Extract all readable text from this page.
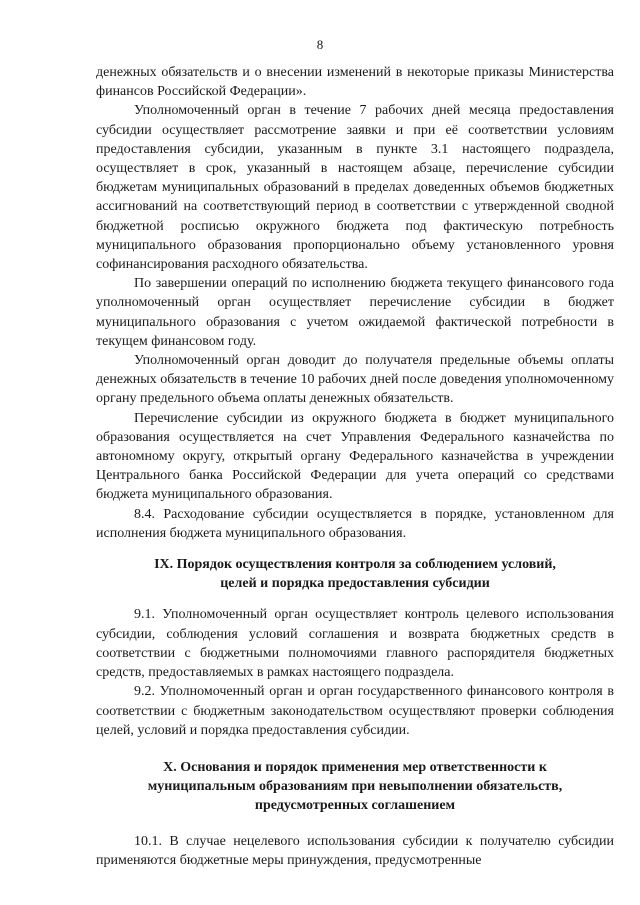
8

денежных обязательств и о внесении изменений в некоторые приказы Министерства финансов Российской Федерации».

Уполномоченный орган в течение 7 рабочих дней месяца предоставления субсидии осуществляет рассмотрение заявки и при её соответствии условиям предоставления субсидии, указанным в пункте 3.1 настоящего подраздела, осуществляет в срок, указанный в настоящем абзаце, перечисление субсидии бюджетам муниципальных образований в пределах доведенных объемов бюджетных ассигнований на соответствующий период в соответствии с утвержденной сводной бюджетной росписью окружного бюджета под фактическую потребность муниципального образования пропорционально объему установленного уровня софинансирования расходного обязательства.

По завершении операций по исполнению бюджета текущего финансового года уполномоченный орган осуществляет перечисление субсидии в бюджет муниципального образования с учетом ожидаемой фактической потребности в текущем финансовом году.

Уполномоченный орган доводит до получателя предельные объемы оплаты денежных обязательств в течение 10 рабочих дней после доведения уполномоченному органу предельного объема оплаты денежных обязательств.

Перечисление субсидии из окружного бюджета в бюджет муниципального образования осуществляется на счет Управления Федерального казначейства по автономному округу, открытый органу Федерального казначейства в учреждении Центрального банка Российской Федерации для учета операций со средствами бюджета муниципального образования.

8.4. Расходование субсидии осуществляется в порядке, установленном для исполнения бюджета муниципального образования.

IX. Порядок осуществления контроля за соблюдением условий,
целей и порядка предоставления субсидии

9.1. Уполномоченный орган осуществляет контроль целевого использования субсидии, соблюдения условий соглашения и возврата бюджетных средств в соответствии с бюджетными полномочиями главного распорядителя бюджетных средств, предоставляемых в рамках настоящего подраздела.

9.2. Уполномоченный орган и орган государственного финансового контроля в соответствии с бюджетным законодательством осуществляют проверки соблюдения целей, условий и порядка предоставления субсидии.

X. Основания и порядок применения мер ответственности к
муниципальным образованиям при невыполнении обязательств,
предусмотренных соглашением

10.1. В случае нецелевого использования субсидии к получателю субсидии применяются бюджетные меры принуждения, предусмотренные
